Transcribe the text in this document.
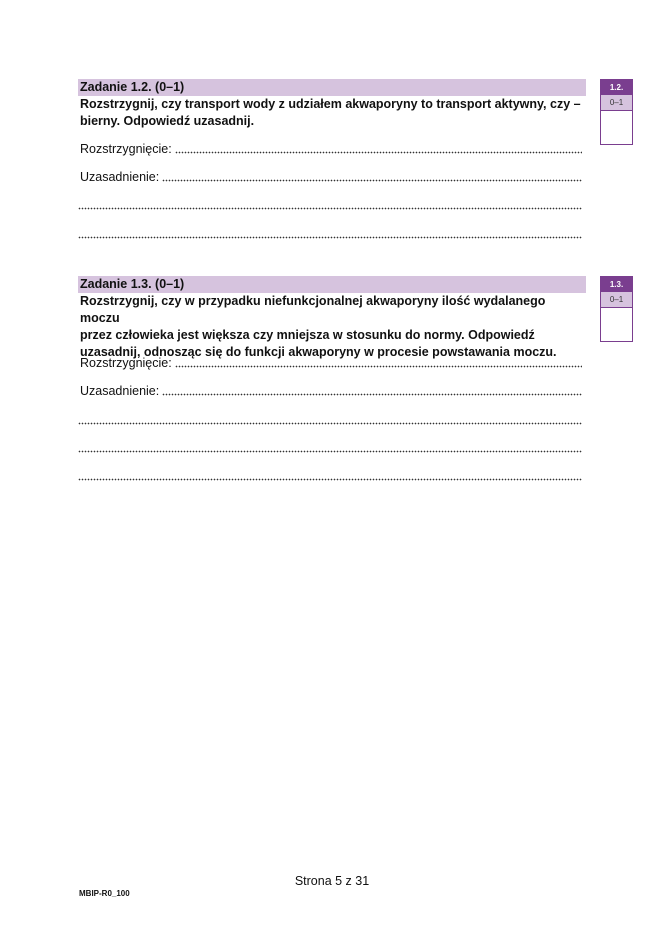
Zadanie 1.2. (0–1)

Rozstrzygnij, czy transport wody z udziałem akwaporyny to transport aktywny, czy –
bierny. Odpowiedź uzasadnij.

Rozstrzygnięcie:
Uzasadnienie:
1.2.
0–1
Zadanie 1.3. (0–1)

Rozstrzygnij, czy w przypadku niefunkcjonalnej akwaporyny ilość wydalanego moczu
przez człowieka jest większa czy mniejsza w stosunku do normy. Odpowiedź
uzasadnij, odnosząc się do funkcji akwaporyny w procesie powstawania moczu.

Rozstrzygnięcie:
Uzasadnienie:
1.3.
0–1
Strona 5 z 31
MBIP-R0_100
